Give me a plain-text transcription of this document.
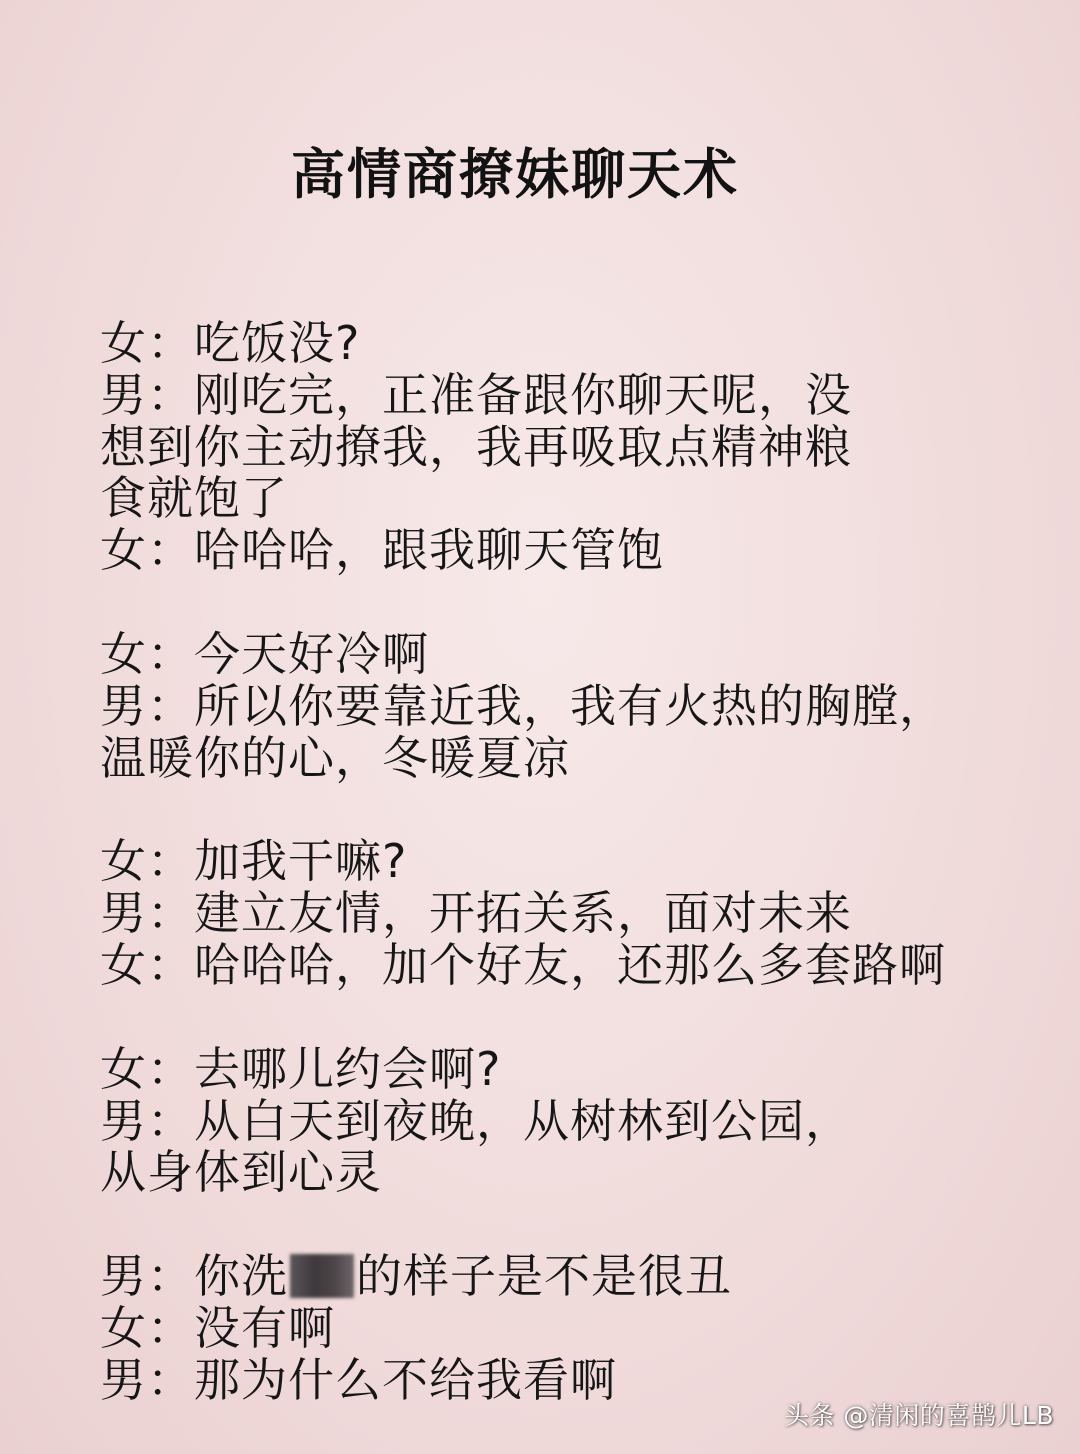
高情商撩妹聊天术
女：吃饭没?
男：刚吃完，正准备跟你聊天呢，没
想到你主动撩我，我再吸取点精神粮
食就饱了
女：哈哈哈，跟我聊天管饱
女：今天好冷啊
男：所以你要靠近我，我有火热的胸膛，
温暖你的心，冬暖夏凉
女：加我干嘛?
男：建立友情，开拓关系，面对未来
女：哈哈哈，加个好友，还那么多套路啊
女：去哪儿约会啊?
男：从白天到夜晚，从树林到公园，
从身体到心灵
男：你洗 的样子是不是很丑
女：没有啊
男：那为什么不给我看啊
头条 @清闲的喜鹊儿LB
